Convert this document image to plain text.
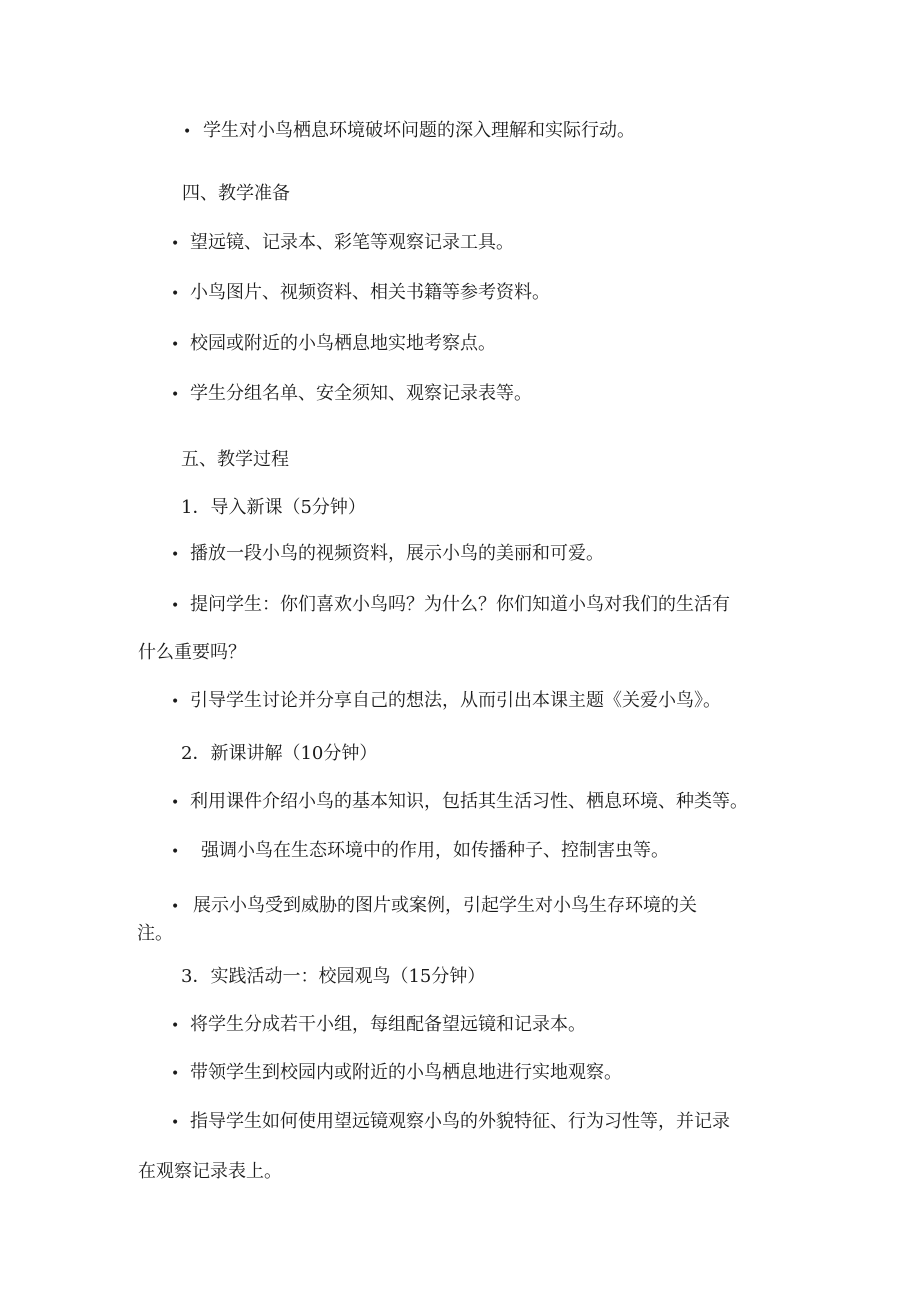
• 学生对小鸟栖息环境破坏问题的深入理解和实际行动。
四、教学准备
• 望远镜、记录本、彩笔等观察记录工具。
• 小鸟图片、视频资料、相关书籍等参考资料。
• 校园或附近的小鸟栖息地实地考察点。
• 学生分组名单、安全须知、观察记录表等。
五、教学过程
1．导入新课（5分钟）
• 播放一段小鸟的视频资料，展示小鸟的美丽和可爱。
• 提问学生：你们喜欢小鸟吗？为什么？你们知道小鸟对我们的生活有
什么重要吗？
• 引导学生讨论并分享自己的想法，从而引出本课主题《关爱小鸟》。
2．新课讲解（10分钟）
• 利用课件介绍小鸟的基本知识，包括其生活习性、栖息环境、种类等。
• 强调小鸟在生态环境中的作用，如传播种子、控制害虫等。
• 展示小鸟受到威胁的图片或案例，引起学生对小鸟生存环境的关
注。
3．实践活动一：校园观鸟（15分钟）
• 将学生分成若干小组，每组配备望远镜和记录本。
• 带领学生到校园内或附近的小鸟栖息地进行实地观察。
• 指导学生如何使用望远镜观察小鸟的外貌特征、行为习性等，并记录
在观察记录表上。
